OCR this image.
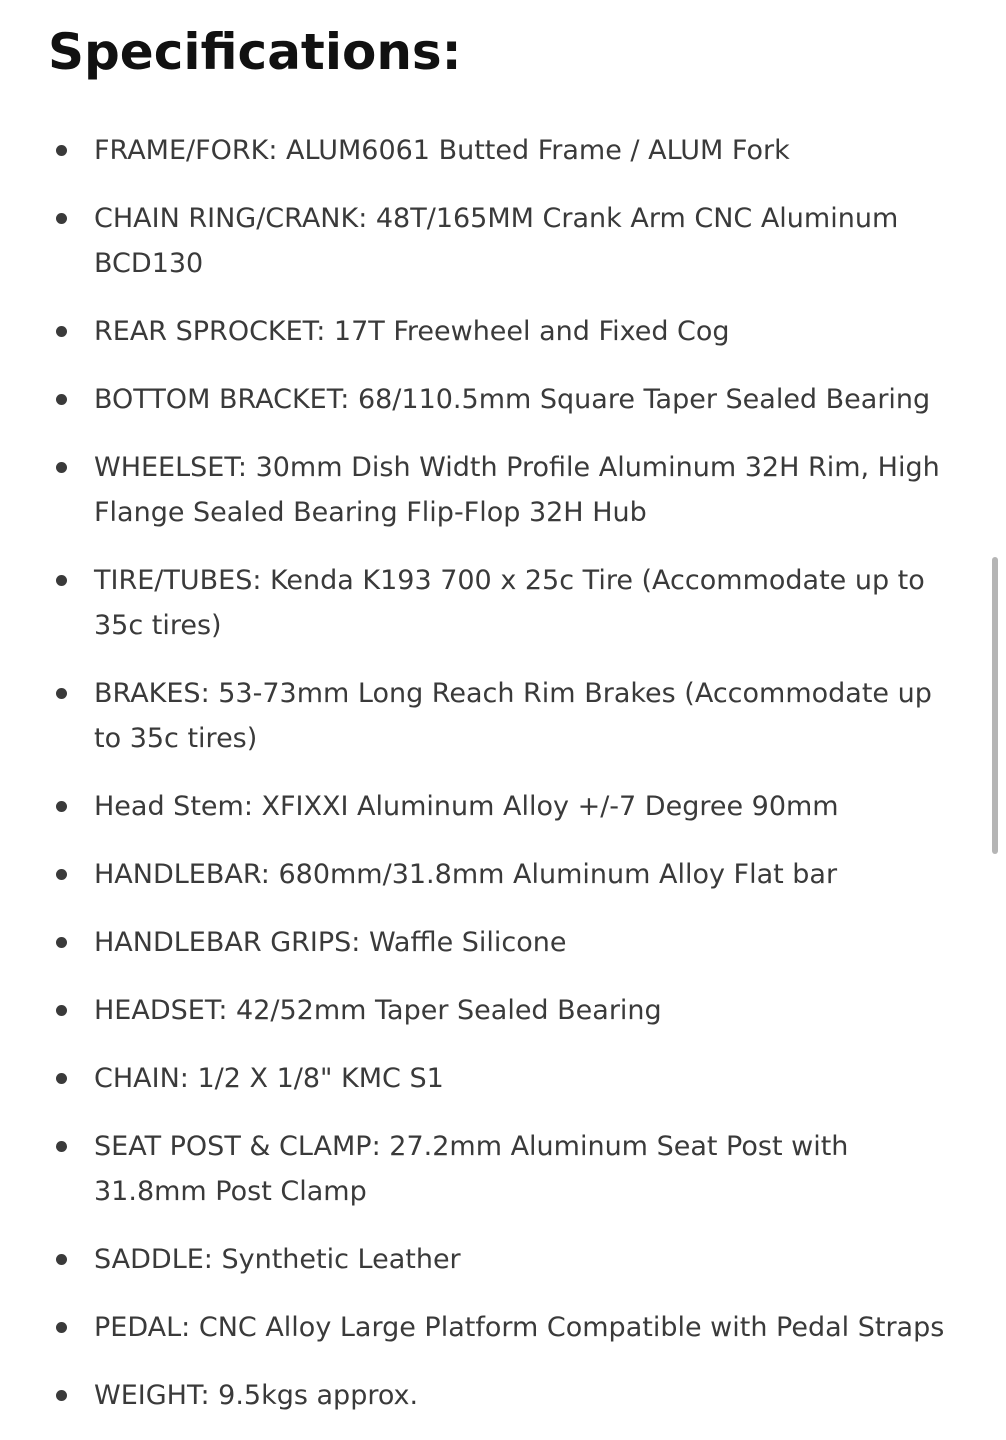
Specifications:
FRAME/FORK: ALUM6061 Butted Frame / ALUM Fork
CHAIN RING/CRANK: 48T/165MM Crank Arm CNC Aluminum BCD130
REAR SPROCKET: 17T Freewheel and Fixed Cog
BOTTOM BRACKET: 68/110.5mm Square Taper Sealed Bearing
WHEELSET: 30mm Dish Width Profile Aluminum 32H Rim, High Flange Sealed Bearing Flip-Flop 32H Hub
TIRE/TUBES: Kenda K193 700 x 25c Tire (Accommodate up to 35c tires)
BRAKES: 53-73mm Long Reach Rim Brakes (Accommodate up to 35c tires)
Head Stem: XFIXXI Aluminum Alloy +/-7 Degree 90mm
HANDLEBAR: 680mm/31.8mm Aluminum Alloy Flat bar
HANDLEBAR GRIPS: Waffle Silicone
HEADSET: 42/52mm Taper Sealed Bearing
CHAIN: 1/2 X 1/8" KMC S1
SEAT POST & CLAMP: 27.2mm Aluminum Seat Post with 31.8mm Post Clamp
SADDLE: Synthetic Leather
PEDAL: CNC Alloy Large Platform Compatible with Pedal Straps
WEIGHT: 9.5kgs approx.
